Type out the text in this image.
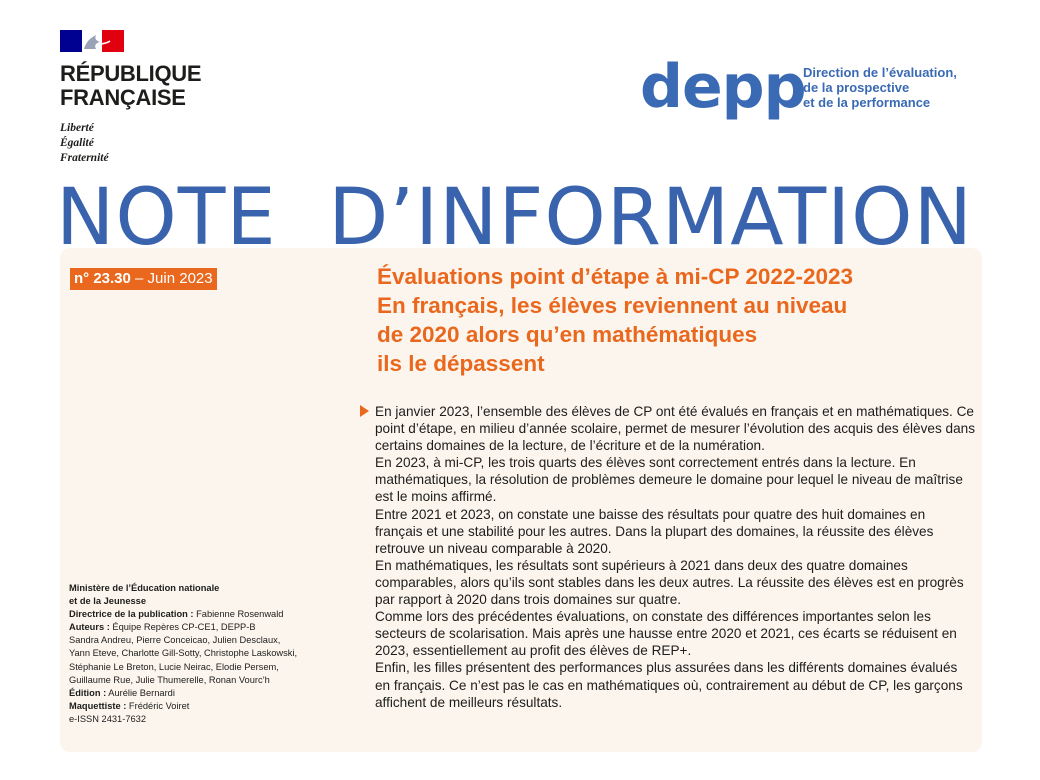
RÉPUBLIQUE
FRANÇAISE
Liberté
Égalité
Fraternité
depp
Direction de l’évaluation,
de la prospective
et de la performance
NOTE  D’INFORMATION
n° 23.30 – Juin 2023	Évaluations point d’étape à mi-CP 2022-2023
En français, les élèves reviennent au niveau
de 2020 alors qu’en mathématiques
ils le dépassent

En janvier 2023, l’ensemble des élèves de CP ont été évalués en français et en mathématiques. Ce point d’étape, en milieu d’année scolaire, permet de mesurer l’évolution des acquis des élèves dans certains domaines de la lecture, de l’écriture et de la numération.

En 2023, à mi-CP, les trois quarts des élèves sont correctement entrés dans la lecture. En mathématiques, la résolution de problèmes demeure le domaine pour lequel le niveau de maîtrise est le moins affirmé.

Entre 2021 et 2023, on constate une baisse des résultats pour quatre des huit domaines en français et une stabilité pour les autres. Dans la plupart des domaines, la réussite des élèves retrouve un niveau comparable à 2020.

En mathématiques, les résultats sont supérieurs à 2021 dans deux des quatre domaines comparables, alors qu’ils sont stables dans les deux autres. La réussite des élèves est en progrès par rapport à 2020 dans trois domaines sur quatre.

Comme lors des précédentes évaluations, on constate des différences importantes selon les secteurs de scolarisation. Mais après une hausse entre 2020 et 2021, ces écarts se réduisent en 2023, essentiellement au profit des élèves de REP+.

Enfin, les filles présentent des performances plus assurées dans les différents domaines évalués en français. Ce n’est pas le cas en mathématiques où, contrairement au début de CP, les garçons affichent de meilleurs résultats.

Ministère de l’Éducation nationale
et de la Jeunesse
Directrice de la publication : Fabienne Rosenwald
Auteurs : Équipe Repères CP-CE1, DEPP-B
Sandra Andreu, Pierre Conceicao, Julien Desclaux,
Yann Eteve, Charlotte Gill-Sotty, Christophe Laskowski,
Stéphanie Le Breton, Lucie Neirac, Elodie Persem,
Guillaume Rue, Julie Thumerelle, Ronan Vourc’h
Édition : Aurélie Bernardi
Maquettiste : Frédéric Voiret
e-ISSN 2431-7632
